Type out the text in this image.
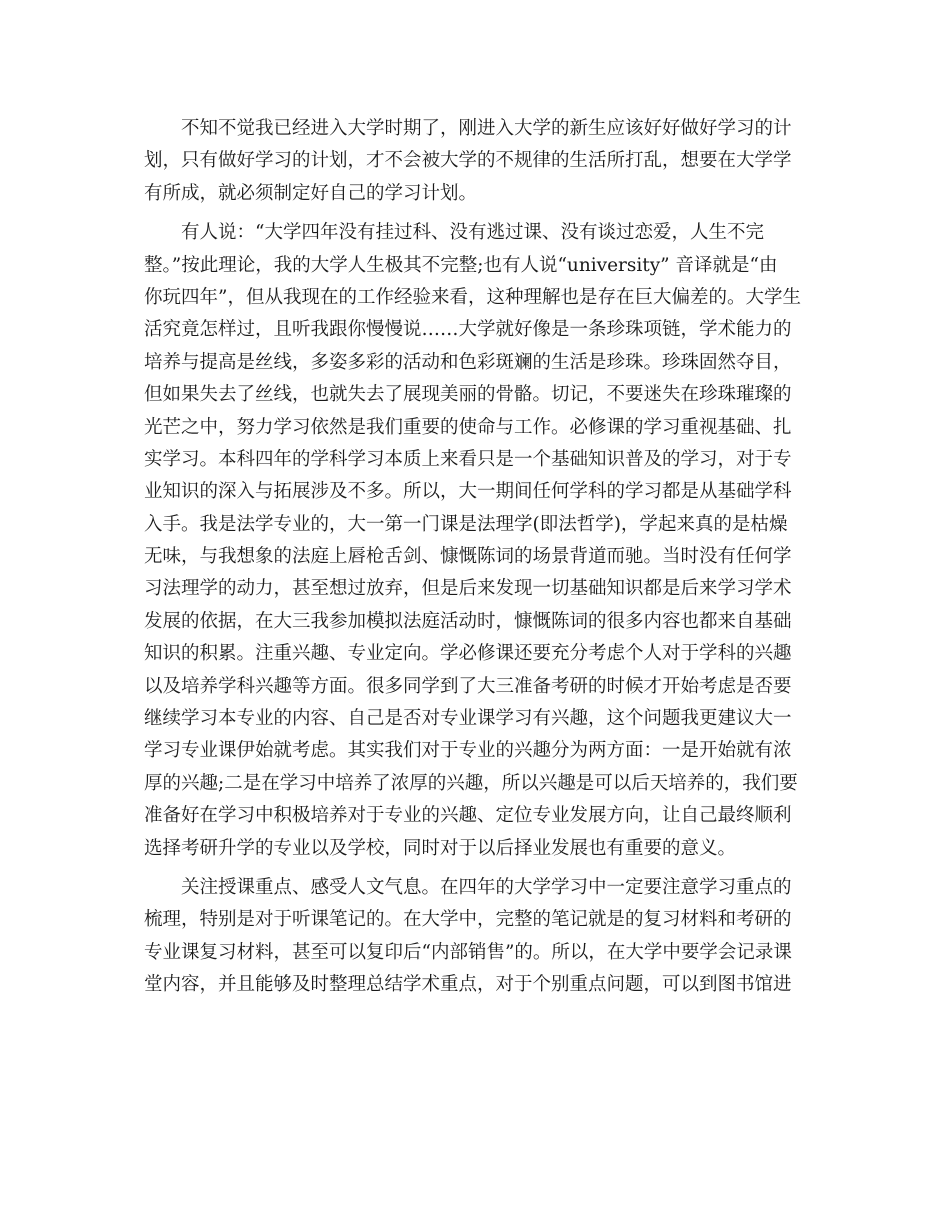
不知不觉我已经进入大学时期了，刚进入大学的新生应该好好做好学习的计
划，只有做好学习的计划，才不会被大学的不规律的生活所打乱，想要在大学学
有所成，就必须制定好自己的学习计划。
有人说：“大学四年没有挂过科、没有逃过课、没有谈过恋爱，人生不完
整。”按此理论，我的大学人生极其不完整;也有人说“university” 音译就是“由
你玩四年”，但从我现在的工作经验来看，这种理解也是存在巨大偏差的。大学生
活究竟怎样过，且听我跟你慢慢说……大学就好像是一条珍珠项链，学术能力的
培养与提高是丝线，多姿多彩的活动和色彩斑斓的生活是珍珠。珍珠固然夺目，
但如果失去了丝线，也就失去了展现美丽的骨骼。切记，不要迷失在珍珠璀璨的
光芒之中，努力学习依然是我们重要的使命与工作。必修课的学习重视基础、扎
实学习。本科四年的学科学习本质上来看只是一个基础知识普及的学习，对于专
业知识的深入与拓展涉及不多。所以，大一期间任何学科的学习都是从基础学科
入手。我是法学专业的，大一第一门课是法理学(即法哲学)，学起来真的是枯燥
无味，与我想象的法庭上唇枪舌剑、慷慨陈词的场景背道而驰。当时没有任何学
习法理学的动力，甚至想过放弃，但是后来发现一切基础知识都是后来学习学术
发展的依据，在大三我参加模拟法庭活动时，慷慨陈词的很多内容也都来自基础
知识的积累。注重兴趣、专业定向。学必修课还要充分考虑个人对于学科的兴趣
以及培养学科兴趣等方面。很多同学到了大三准备考研的时候才开始考虑是否要
继续学习本专业的内容、自己是否对专业课学习有兴趣，这个问题我更建议大一
学习专业课伊始就考虑。其实我们对于专业的兴趣分为两方面：一是开始就有浓
厚的兴趣;二是在学习中培养了浓厚的兴趣，所以兴趣是可以后天培养的，我们要
准备好在学习中积极培养对于专业的兴趣、定位专业发展方向，让自己最终顺利
选择考研升学的专业以及学校，同时对于以后择业发展也有重要的意义。
关注授课重点、感受人文气息。在四年的大学学习中一定要注意学习重点的
梳理，特别是对于听课笔记的。在大学中，完整的笔记就是的复习材料和考研的
专业课复习材料，甚至可以复印后“内部销售”的。所以，在大学中要学会记录课
堂内容，并且能够及时整理总结学术重点，对于个别重点问题，可以到图书馆进
